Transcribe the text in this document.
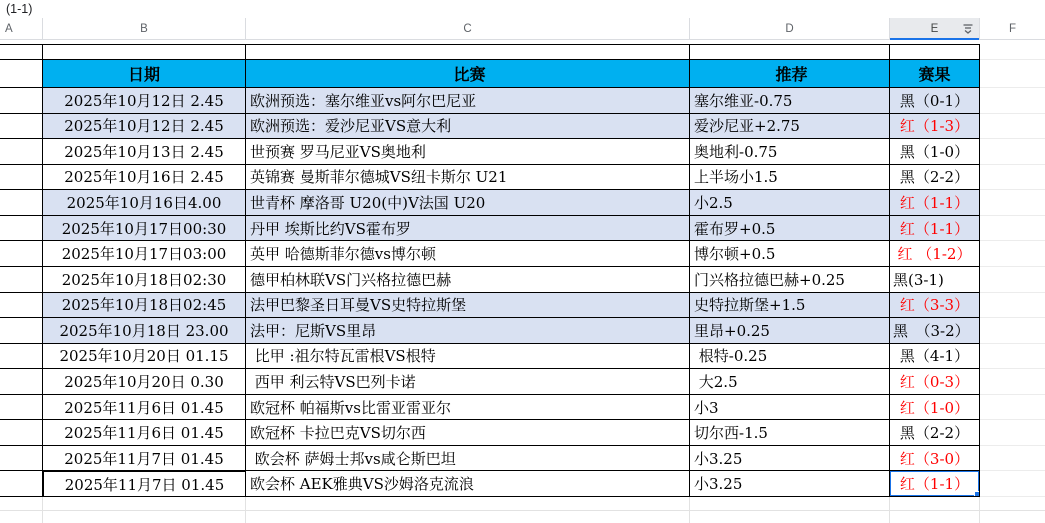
(1-1)
A	B	C	D	E	F
日期	比赛	推荐	赛果
2025年10月12日 2.45	欧洲预选：塞尔维亚vs阿尔巴尼亚	塞尔维亚-0.75	黑（0-1）
2025年10月12日 2.45	欧洲预选：爱沙尼亚VS意大利	爱沙尼亚+2.75	红（1-3）
2025年10月13日 2.45	世预赛 罗马尼亚VS奥地利	奥地利-0.75	黑（1-0）
2025年10月16日 2.45	英锦赛 曼斯菲尔德城VS纽卡斯尔 U21	上半场小1.5	黑（2-2）
2025年10月16日4.00	世青杯 摩洛哥 U20(中)V法国 U20	小2.5	红（1-1）
2025年10月17日00:30	丹甲 埃斯比约VS霍布罗	霍布罗+0.5	红（1-1）
2025年10月17日03:00	英甲 哈德斯菲尔德vs博尔顿	博尔顿+0.5	红 （1-2）
2025年10月18日02:30	德甲柏林联VS门兴格拉德巴赫	门兴格拉德巴赫+0.25	黑(3-1)
2025年10月18日02:45	法甲巴黎圣日耳曼VS史特拉斯堡	史特拉斯堡+1.5	红（3-3）
2025年10月18日 23.00	法甲：尼斯VS里昂	里昂+0.25	黑　（3-2）
2025年10月20日 01.15	比甲 :祖尔特瓦雷根VS根特	根特-0.25	黑（4-1）
2025年10月20日 0.30	西甲 利云特VS巴列卡诺	大2.5	红（0-3）
2025年11月6日 01.45	欧冠杯 帕福斯vs比雷亚雷亚尔	小3	红（1-0）
2025年11月6日 01.45	欧冠杯 卡拉巴克VS切尔西	切尔西-1.5	黑（2-2）
2025年11月7日 01.45	欧会杯 萨姆士邦vs咸仑斯巴坦	小3.25	红（3-0）
2025年11月7日 01.45	欧会杯 AEK雅典VS沙姆洛克流浪	小3.25	红（1-1）
